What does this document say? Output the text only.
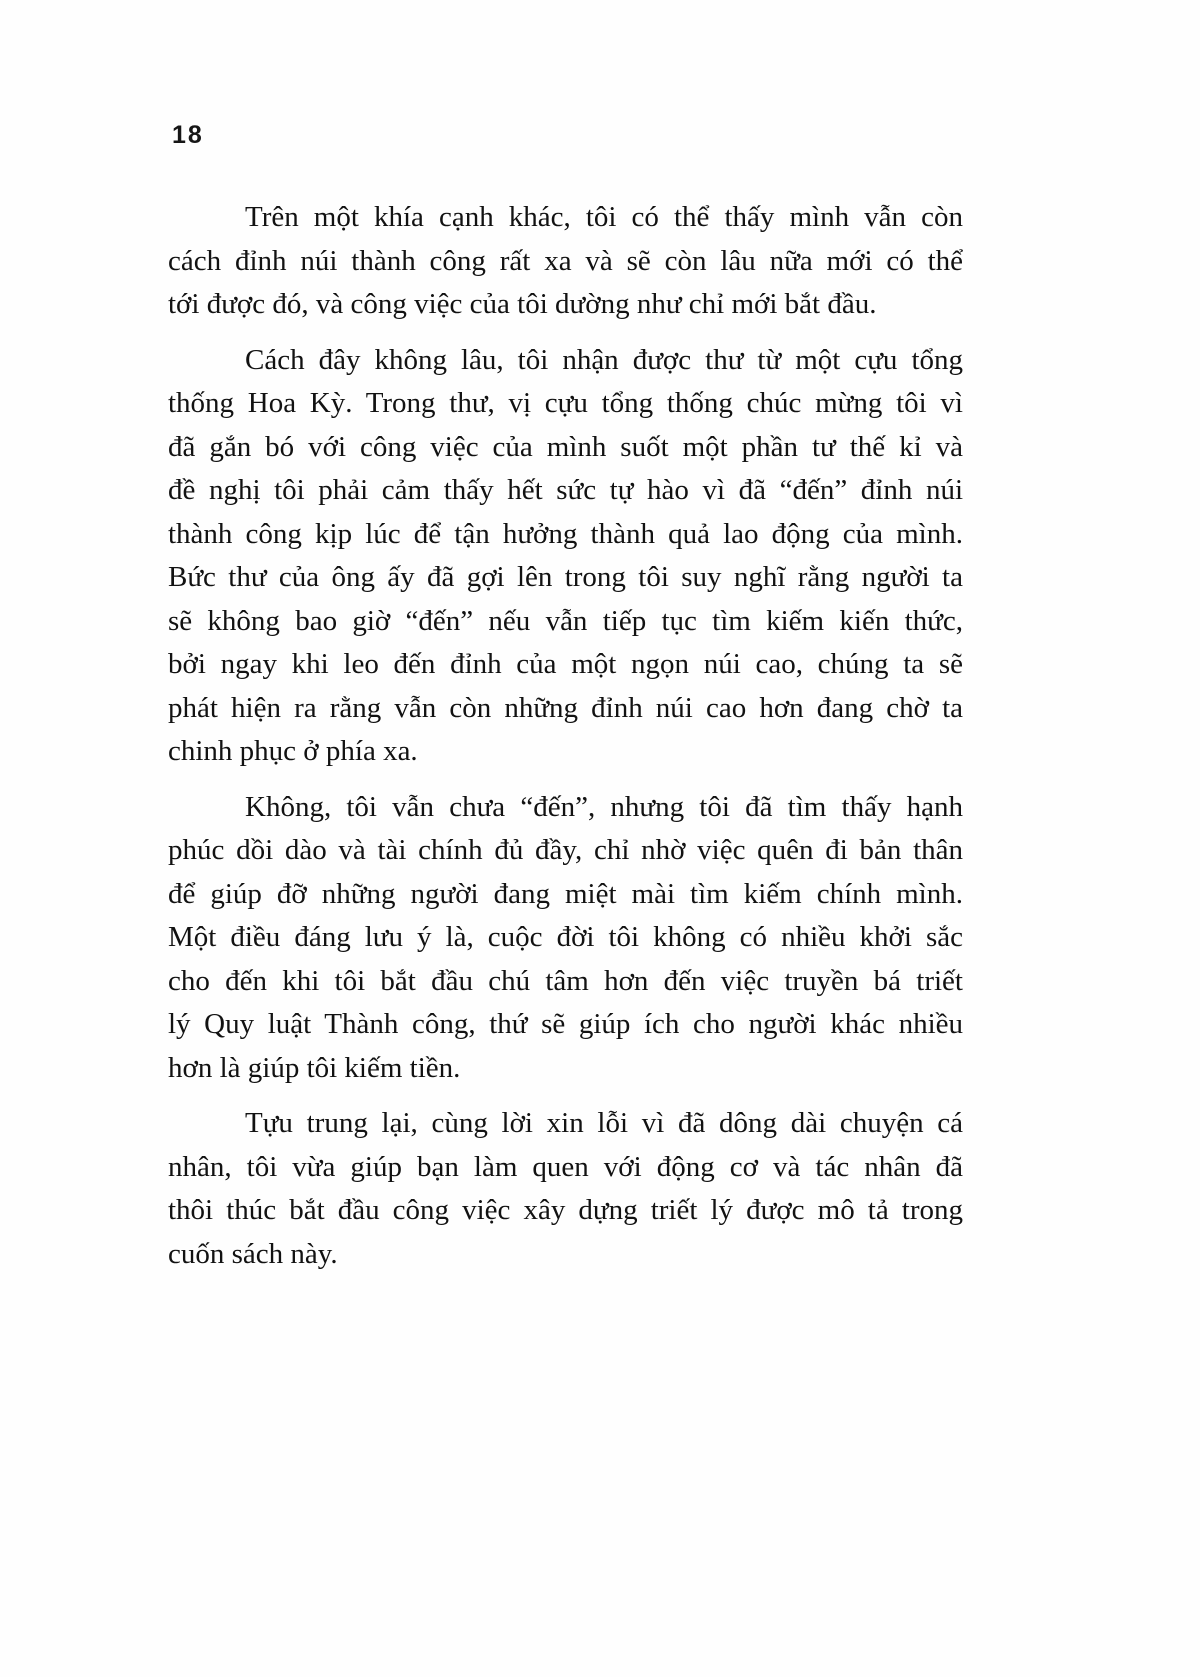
18

Trên một khía cạnh khác, tôi có thể thấy mình vẫn còn
cách đỉnh núi thành công rất xa và sẽ còn lâu nữa mới có thể
tới được đó, và công việc của tôi dường như chỉ mới bắt đầu.

Cách đây không lâu, tôi nhận được thư từ một cựu tổng
thống Hoa Kỳ. Trong thư, vị cựu tổng thống chúc mừng tôi vì
đã gắn bó với công việc của mình suốt một phần tư thế kỉ và
đề nghị tôi phải cảm thấy hết sức tự hào vì đã “đến” đỉnh núi
thành công kịp lúc để tận hưởng thành quả lao động của mình.
Bức thư của ông ấy đã gợi lên trong tôi suy nghĩ rằng người ta
sẽ không bao giờ “đến” nếu vẫn tiếp tục tìm kiếm kiến thức,
bởi ngay khi leo đến đỉnh của một ngọn núi cao, chúng ta sẽ
phát hiện ra rằng vẫn còn những đỉnh núi cao hơn đang chờ ta
chinh phục ở phía xa.

Không, tôi vẫn chưa “đến”, nhưng tôi đã tìm thấy hạnh
phúc dồi dào và tài chính đủ đầy, chỉ nhờ việc quên đi bản thân
để giúp đỡ những người đang miệt mài tìm kiếm chính mình.
Một điều đáng lưu ý là, cuộc đời tôi không có nhiều khởi sắc
cho đến khi tôi bắt đầu chú tâm hơn đến việc truyền bá triết
lý Quy luật Thành công, thứ sẽ giúp ích cho người khác nhiều
hơn là giúp tôi kiếm tiền.

Tựu trung lại, cùng lời xin lỗi vì đã dông dài chuyện cá
nhân, tôi vừa giúp bạn làm quen với động cơ và tác nhân đã
thôi thúc bắt đầu công việc xây dựng triết lý được mô tả trong
cuốn sách này.
